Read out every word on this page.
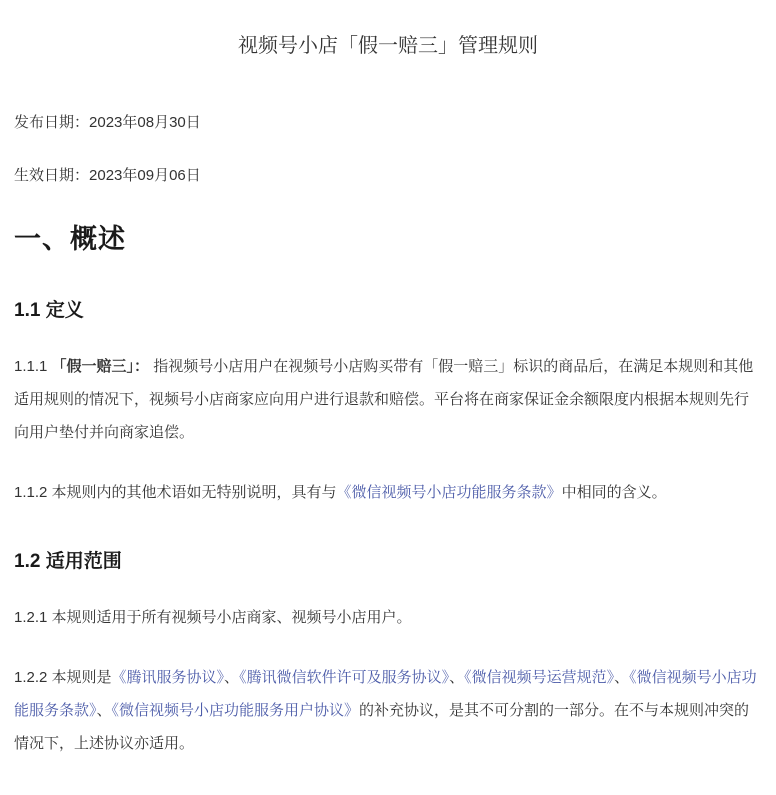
视频号小店「假一赔三」管理规则

发布日期：2023年08月30日

生效日期：2023年09月06日

一、概述
1.1 定义

1.1.1 「假一赔三」： 指视频号小店用户在视频号小店购买带有「假一赔三」标识的商品后，在满足本规则和其他适用规则的情况下，视频号小店商家应向用户进行退款和赔偿。平台将在商家保证金余额限度内根据本规则先行向用户垫付并向商家追偿。

1.1.2 本规则内的其他术语如无特别说明，具有与《微信视频号小店功能服务条款》中相同的含义。

1.2 适用范围

1.2.1 本规则适用于所有视频号小店商家、视频号小店用户。

1.2.2 本规则是《腾讯服务协议》、《腾讯微信软件许可及服务协议》、《微信视频号运营规范》、《微信视频号小店功能服务条款》、《微信视频号小店功能服务用户协议》的补充协议，是其不可分割的一部分。在不与本规则冲突的情况下，上述协议亦适用。
